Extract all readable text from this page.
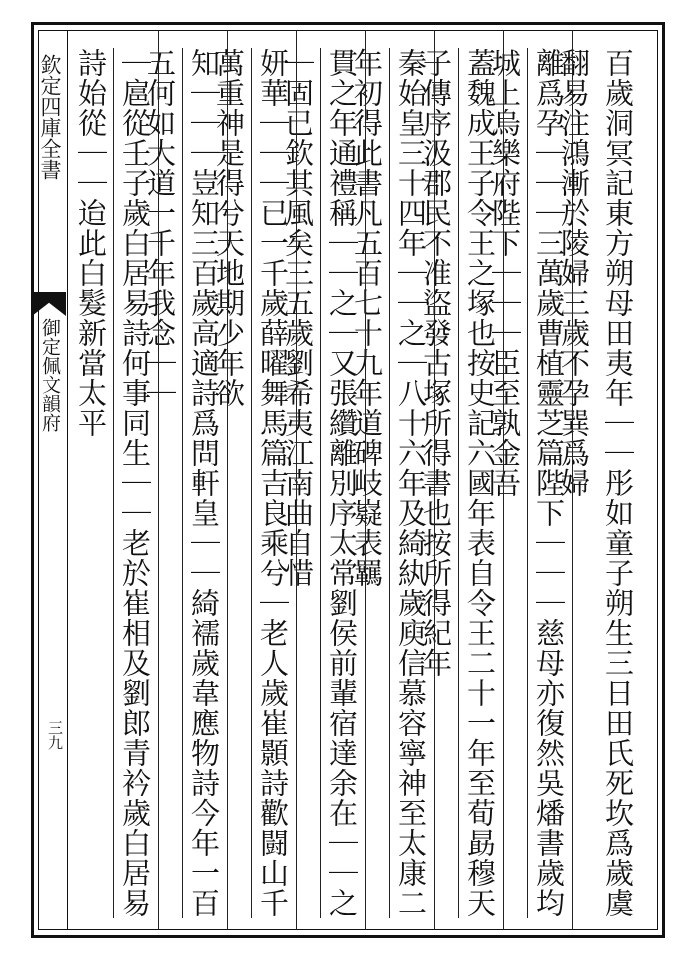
欽定四庫全書
御定佩文韻府
三九	百歲洞冥記東方朔母田夷年｜｜彤如童子朔生三日田氏死坎爲歲虞翻易注鴻漸於陵婦三歲不孕巽爲婦
離爲孕｜｜｜三萬歲曹植靈芝篇陛下｜｜｜慈母亦復然吳燔書歲均城上烏樂府陛下｜｜｜臣至孰金吾
蓋魏成王子令王之塚也按史記六國年表自令王二十一年至荀勗穆天子傳序汲郡民不准盜發古塚所得書也按所得紀年
秦始皇三十四年｜｜之｜八十六年及綺紈歲庾信慕容寧神至太康二年初得此書凡五百七十九年道碑岐嶷表羈
貫之年通禮稱｜｜之｜又張纘離別序太常劉侯前輩宿達余在｜｜之｜固已欽其風矣三五歲劉希夷江南曲自惜
妍華｜｜｜已一千歲薛曜舞馬篇吉良乘兮｜老人歲崔顥詩歡闘山千萬重神是得兮天地期少年欲
知｜｜｜豈知三百歲高適詩爲問軒皇｜｜綺襦歲韋應物詩今年一百五何如大道一千年我念｜｜
｜扈從壬子歲白居易詩何事同生｜｜老於崔相及劉郎青衿歲白居易詩始從｜｜迨此白髮新當太平
